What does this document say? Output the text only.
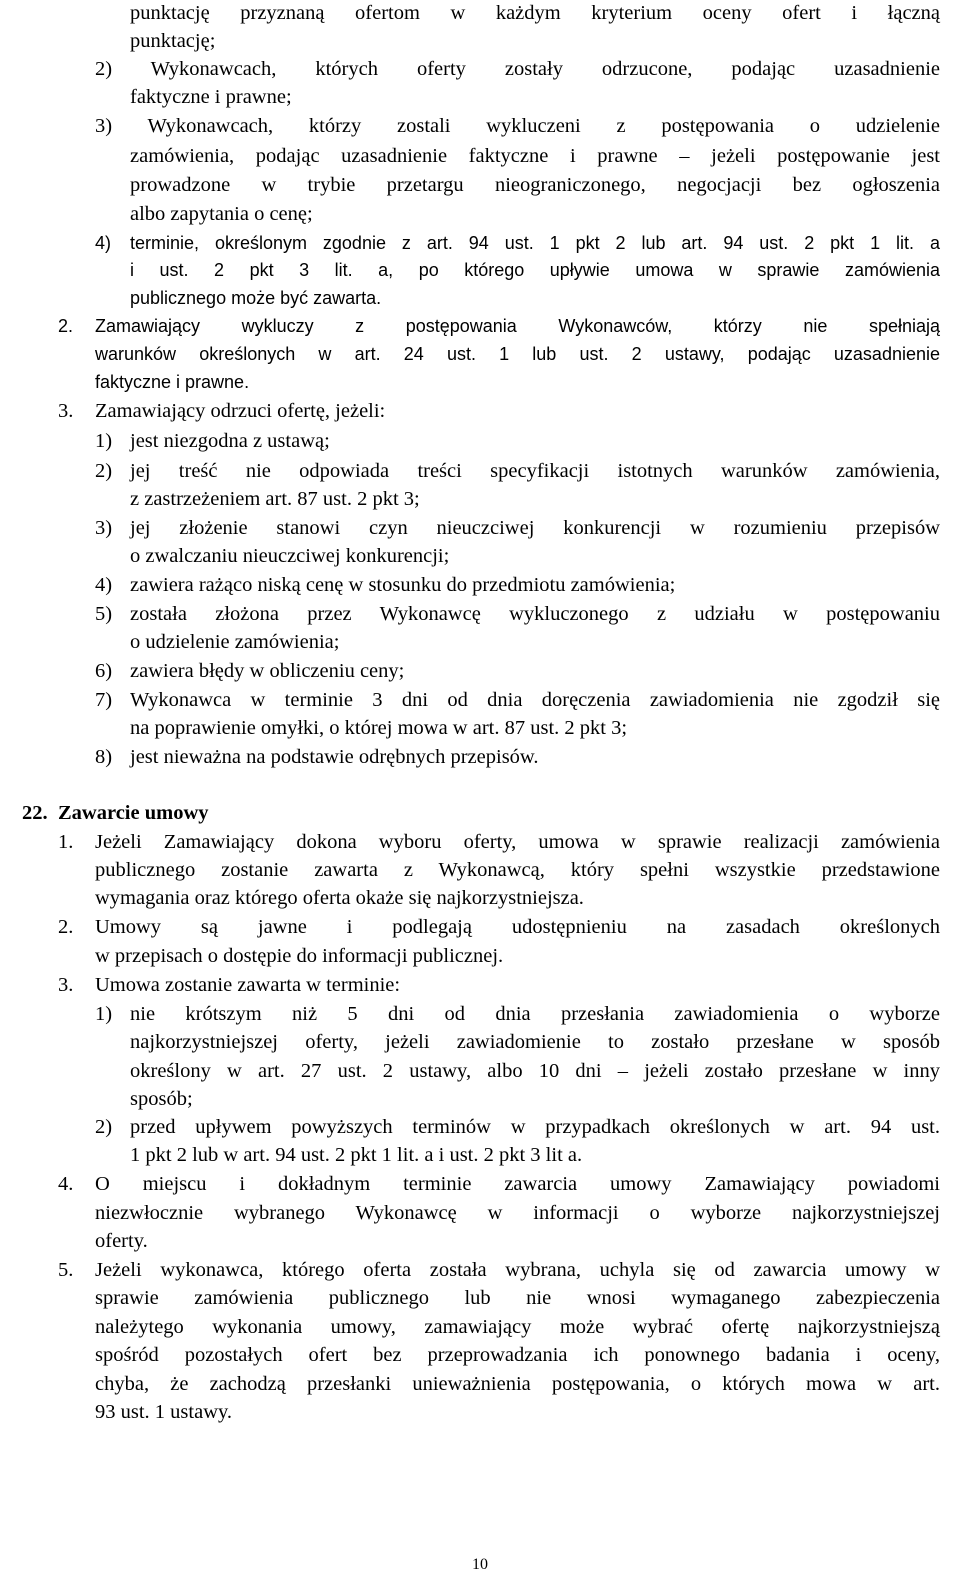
punktację przyznaną ofertom w każdym kryterium oceny ofert i łączną
punktację;
2) Wykonawcach, których oferty zostały odrzucone, podając uzasadnienie
faktyczne i prawne;
3) Wykonawcach, którzy zostali wykluczeni z postępowania o udzielenie
zamówienia, podając uzasadnienie faktyczne i prawne – jeżeli postępowanie jest
prowadzone w trybie przetargu nieograniczonego, negocjacji bez ogłoszenia
albo zapytania o cenę;
4) terminie, określonym zgodnie z art. 94 ust. 1 pkt 2 lub art. 94 ust. 2 pkt 1 lit. a
i ust. 2 pkt 3 lit. a, po którego upływie umowa w sprawie zamówienia
publicznego może być zawarta.
2. Zamawiający wykluczy z postępowania Wykonawców, którzy nie spełniają
warunków określonych w art. 24 ust. 1 lub ust. 2 ustawy, podając uzasadnienie
faktyczne i prawne.
3. Zamawiający odrzuci ofertę, jeżeli:
1) jest niezgodna z ustawą;
2) jej treść nie odpowiada treści specyfikacji istotnych warunków zamówienia,
z zastrzeżeniem art. 87 ust. 2 pkt 3;
3) jej złożenie stanowi czyn nieuczciwej konkurencji w rozumieniu przepisów
o zwalczaniu nieuczciwej konkurencji;
4) zawiera rażąco niską cenę w stosunku do przedmiotu zamówienia;
5) została złożona przez Wykonawcę wykluczonego z udziału w postępowaniu
o udzielenie zamówienia;
6) zawiera błędy w obliczeniu ceny;
7) Wykonawca w terminie 3 dni od dnia doręczenia zawiadomienia nie zgodził się
na poprawienie omyłki, o której mowa w art. 87 ust. 2 pkt 3;
8) jest nieważna na podstawie odrębnych przepisów.
22. Zawarcie umowy
1. Jeżeli Zamawiający dokona wyboru oferty, umowa w sprawie realizacji zamówienia
publicznego zostanie zawarta z Wykonawcą, który spełni wszystkie przedstawione
wymagania oraz którego oferta okaże się najkorzystniejsza.
2. Umowy są jawne i podlegają udostępnieniu na zasadach określonych
w przepisach o dostępie do informacji publicznej.
3. Umowa zostanie zawarta w terminie:
1) nie krótszym niż 5 dni od dnia przesłania zawiadomienia o wyborze
najkorzystniejszej oferty, jeżeli zawiadomienie to zostało przesłane w sposób
określony w art. 27 ust. 2 ustawy, albo 10 dni – jeżeli zostało przesłane w inny
sposób;
2) przed upływem powyższych terminów w przypadkach określonych w art. 94 ust.
1 pkt 2 lub w art. 94 ust. 2 pkt 1 lit. a i ust. 2 pkt 3 lit a.
4. O miejscu i dokładnym terminie zawarcia umowy Zamawiający powiadomi
niezwłocznie wybranego Wykonawcę w informacji o wyborze najkorzystniejszej
oferty.
5. Jeżeli wykonawca, którego oferta została wybrana, uchyla się od zawarcia umowy w
sprawie zamówienia publicznego lub nie wnosi wymaganego zabezpieczenia
należytego wykonania umowy, zamawiający może wybrać ofertę najkorzystniejszą
spośród pozostałych ofert bez przeprowadzania ich ponownego badania i oceny,
chyba, że zachodzą przesłanki unieważnienia postępowania, o których mowa w art.
93 ust. 1 ustawy.
10
